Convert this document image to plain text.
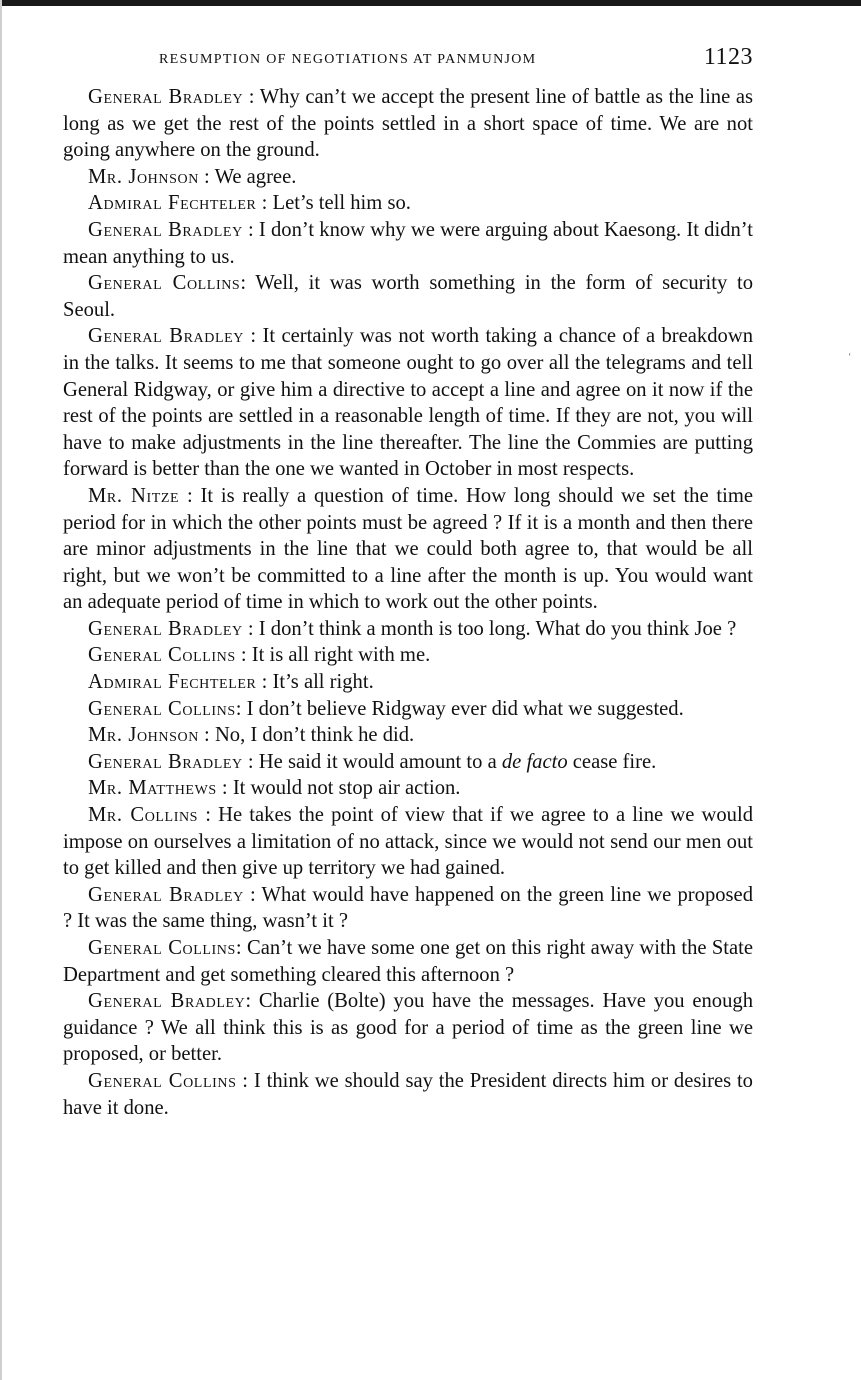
ʻ
RESUMPTION OF NEGOTIATIONS AT PANMUNJOM	1123

General Bradley : Why can’t we accept the present line of battle as the line as long as we get the rest of the points settled in a short space of time. We are not going anywhere on the ground.

Mr. Johnson : We agree.

Admiral Fechteler : Let’s tell him so.

General Bradley : I don’t know why we were arguing about Kaesong. It didn’t mean anything to us.

General Collins: Well, it was worth something in the form of security to Seoul.

General Bradley : It certainly was not worth taking a chance of a breakdown in the talks. It seems to me that someone ought to go over all the telegrams and tell General Ridgway, or give him a directive to accept a line and agree on it now if the rest of the points are settled in a reasonable length of time. If they are not, you will have to make adjustments in the line thereafter. The line the Commies are putting forward is better than the one we wanted in October in most respects.

Mr. Nitze : It is really a question of time. How long should we set the time period for in which the other points must be agreed ? If it is a month and then there are minor adjustments in the line that we could both agree to, that would be all right, but we won’t be committed to a line after the month is up. You would want an adequate period of time in which to work out the other points.

General Bradley : I don’t think a month is too long. What do you think Joe ?

General Collins : It is all right with me.

Admiral Fechteler : It’s all right.

General Collins: I don’t believe Ridgway ever did what we suggested.

Mr. Johnson : No, I don’t think he did.

General Bradley : He said it would amount to a de facto cease fire.

Mr. Matthews : It would not stop air action.

Mr. Collins : He takes the point of view that if we agree to a line we would impose on ourselves a limitation of no attack, since we would not send our men out to get killed and then give up territory we had gained.

General Bradley : What would have happened on the green line we proposed ? It was the same thing, wasn’t it ?

General Collins: Can’t we have some one get on this right away with the State Department and get something cleared this afternoon ?

General Bradley: Charlie (Bolte) you have the messages. Have you enough guidance ? We all think this is as good for a period of time as the green line we proposed, or better.

General Collins : I think we should say the President directs him or desires to have it done.
